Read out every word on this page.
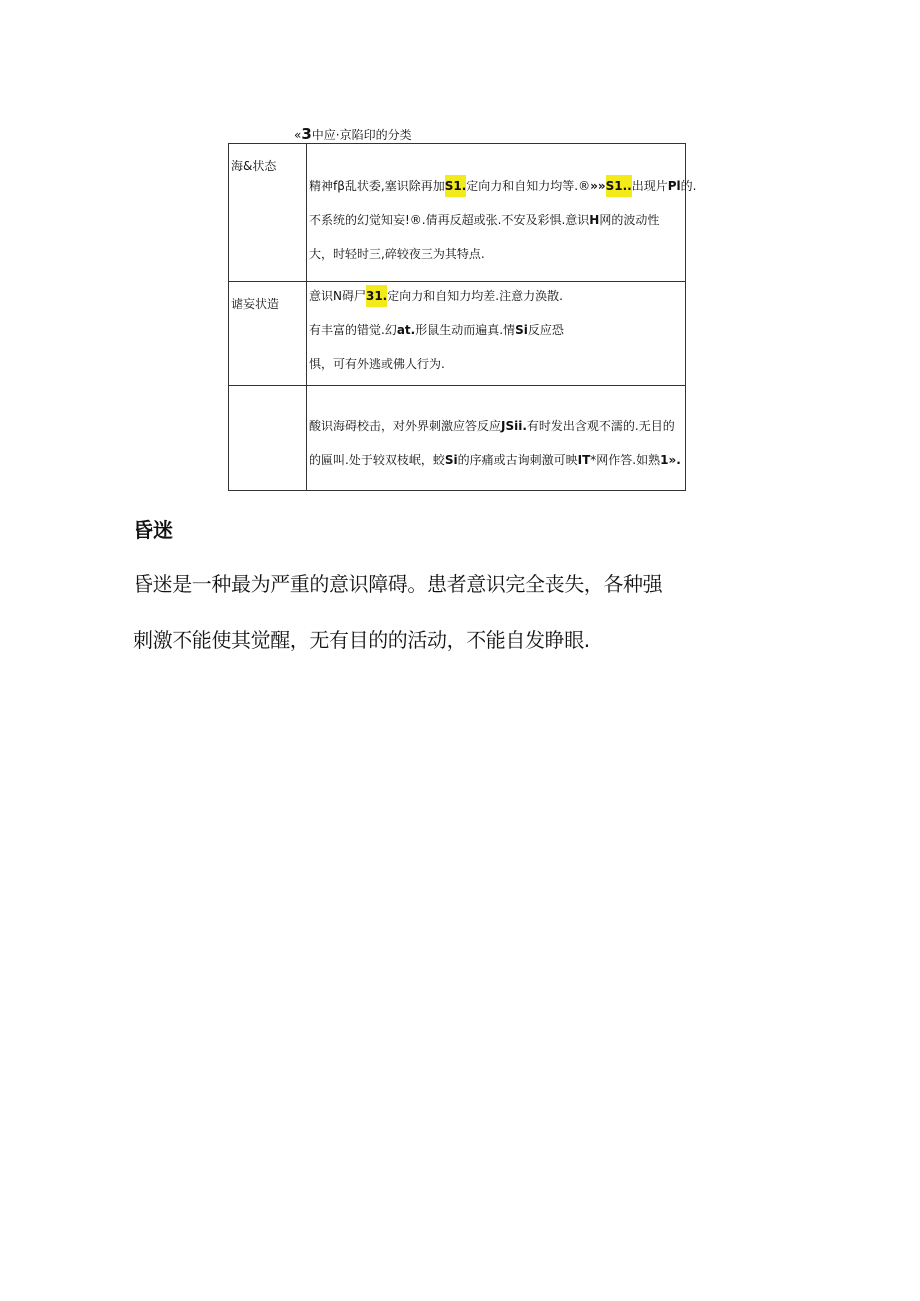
«3中应·京陷印的分类
海&状态	精神fβ乱状委,塞识除再加S1.定向力和自知力均等.®»»S1..出现片Pl的.
不系统的幻觉知妄!®.倩再反超或张.不安及彩惧.意识H网的波动性
大，时轻时三,碎较夜三为其特点.

谑妄状造	意识N碍尸31.定向力和自知力均差.注意力涣散.
有丰富的错觉.幻at.形鼠生动而遍真.情Si反应恐
惧，可有外逃或佛人行为.

	酸识海碍校击，对外界刺激应答反应JSii.有时发出含观不濡的.无目的
的匾叫.处于较双枝岷，蛟Si的序痛或古询刺激可映IT*网作答.如熟1».
昏迷
昏迷是一种最为严重的意识障碍。患者意识完全丧失，各种强
刺激不能使其觉醒，无有目的的活动，不能自发睁眼.
